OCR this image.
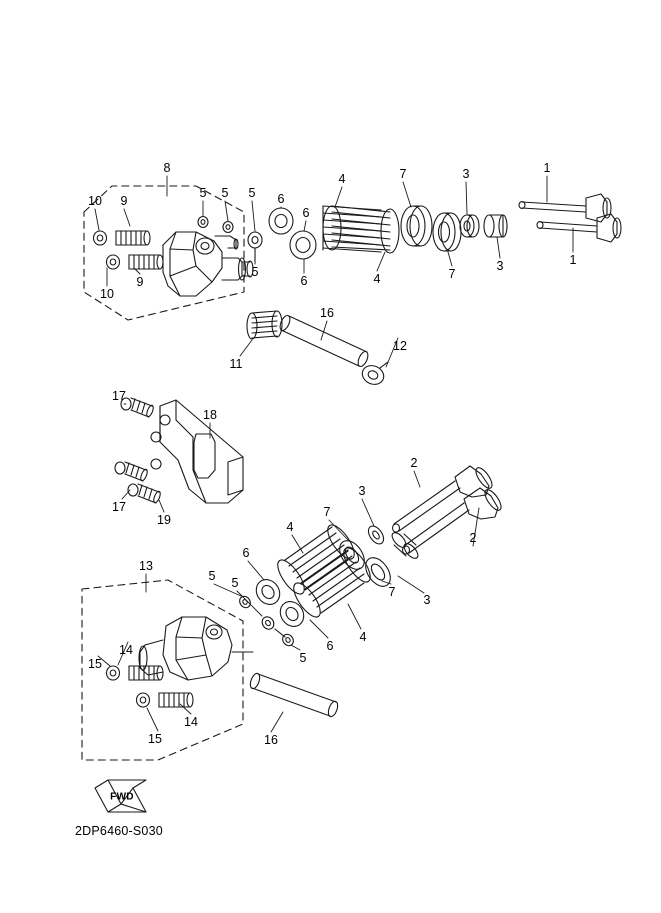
8
10 9
5 5 5 6
6
4	7	3	1
10
9
5
6	4	7
3	1
16
12
11
17
18
17
19
2
3
7
4
6
5 5
2
7
3
4
6
5
13
14
15
14
15	16
FWD
2DP6460-S030
